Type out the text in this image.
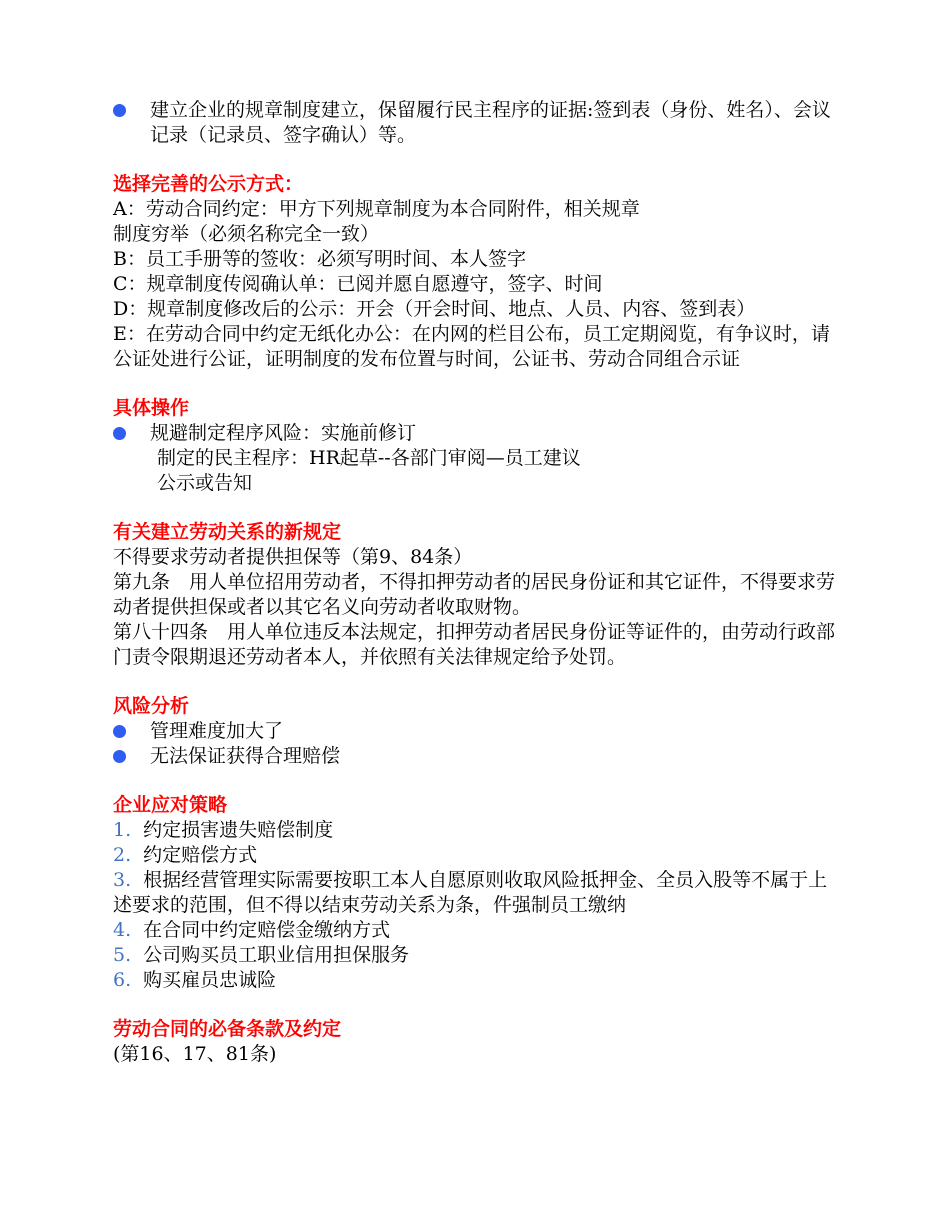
建立企业的规章制度建立，保留履行民主程序的证据:签到表（身份、姓名）、会议记录（记录员、签字确认）等。
选择完善的公示方式：
A：劳动合同约定：甲方下列规章制度为本合同附件，相关规章
制度穷举（必须名称完全一致）
B：员工手册等的签收：必须写明时间、本人签字
C：规章制度传阅确认单：已阅并愿自愿遵守，签字、时间
D：规章制度修改后的公示：开会（开会时间、地点、人员、内容、签到表）
E：在劳动合同中约定无纸化办公：在内网的栏目公布，员工定期阅览，有争议时，请公证处进行公证，证明制度的发布位置与时间，公证书、劳动合同组合示证
具体操作
规避制定程序风险：实施前修订
制定的民主程序：HR起草--各部门审阅—员工建议
公示或告知
有关建立劳动关系的新规定
不得要求劳动者提供担保等（第9、84条）
第九条　用人单位招用劳动者，不得扣押劳动者的居民身份证和其它证件，不得要求劳动者提供担保或者以其它名义向劳动者收取财物。
第八十四条　用人单位违反本法规定，扣押劳动者居民身份证等证件的，由劳动行政部门责令限期退还劳动者本人，并依照有关法律规定给予处罚。
风险分析
管理难度加大了
无法保证获得合理赔偿
企业应对策略
1. 约定损害遗失赔偿制度
2. 约定赔偿方式
3. 根据经营管理实际需要按职工本人自愿原则收取风险抵押金、全员入股等不属于上述要求的范围，但不得以结束劳动关系为条，件强制员工缴纳
4. 在合同中约定赔偿金缴纳方式
5. 公司购买员工职业信用担保服务
6. 购买雇员忠诚险
劳动合同的必备条款及约定
(第16、17、81条)
